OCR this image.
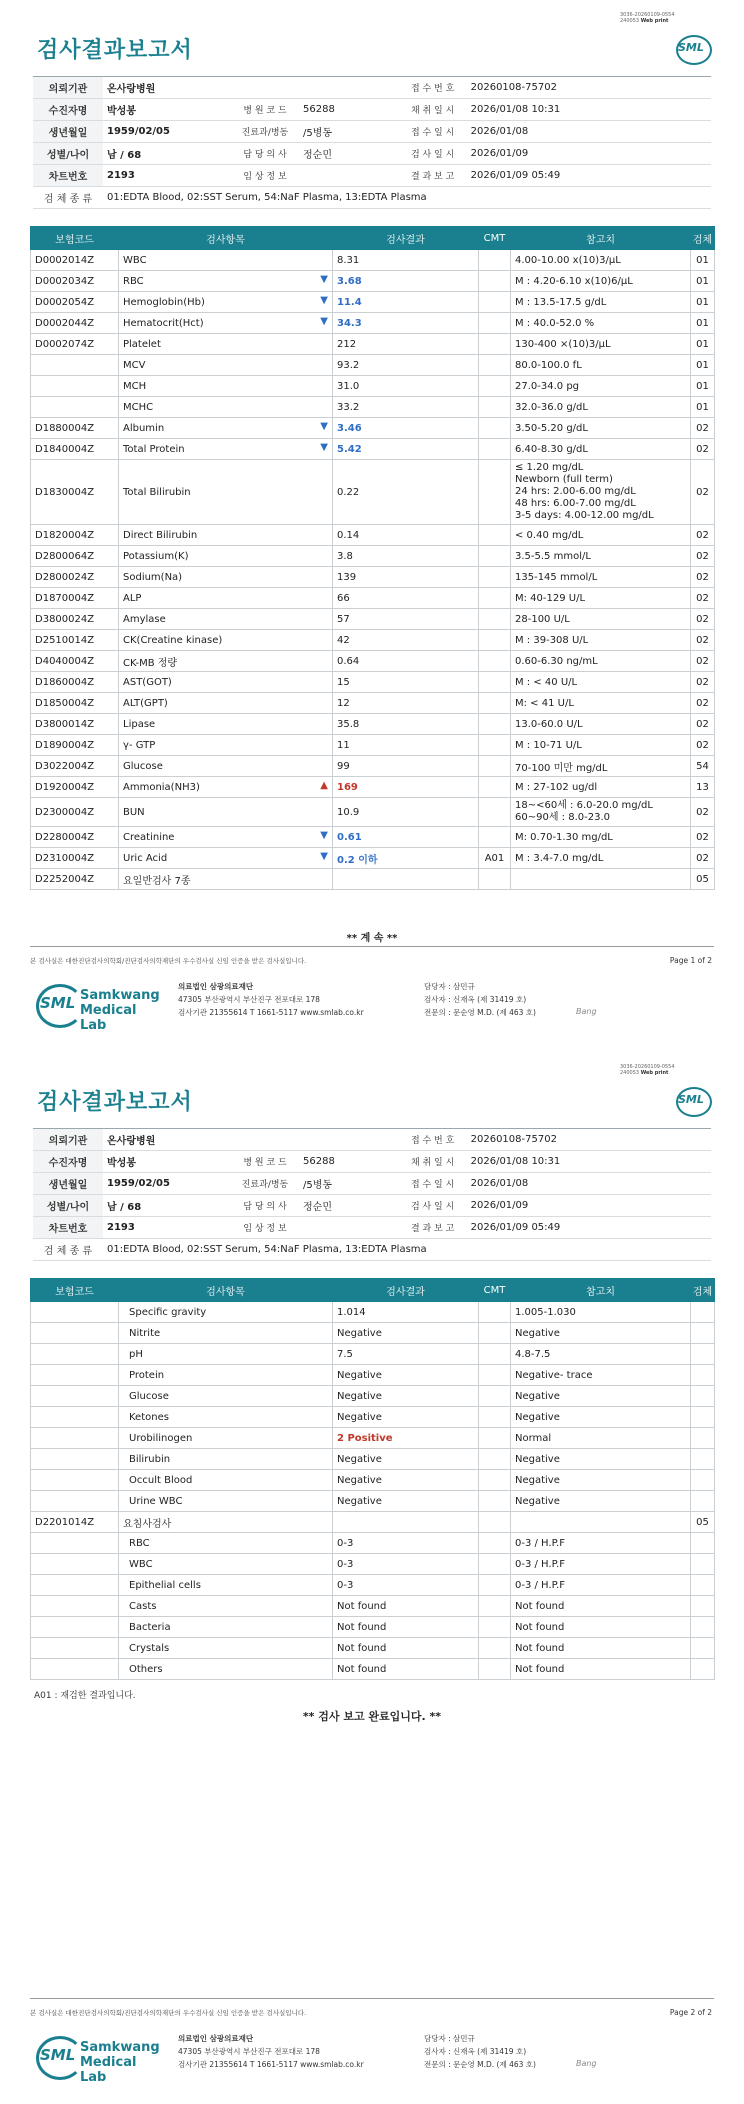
3036-20260109-0554
240053 Web print
검사결과보고서	SML
의뢰기관	온사랑병원			접 수 번 호	20260108-75702
수진자명	박성봉	병 원 코 드	56288	채 취 일 시	2026/01/08 10:31
생년월일	1959/02/05	진료과/병동	/5병동	접 수 일 시	2026/01/08
성별/나이	남 / 68	담 당 의 사	정순민	검 사 일 시	2026/01/09
차트번호	2193	임 상 정 보		결 과 보 고	2026/01/09 05:49
검 체 종 류	01:EDTA Blood, 02:SST Serum, 54:NaF Plasma, 13:EDTA Plasma				
보험코드	검사항목	검사결과	CMT	참고치	검체
D0002014Z	WBC	8.31		4.00-10.00 x(10)3/μL	01
D0002034Z	RBC ▼	3.68		M : 4.20-6.10 x(10)6/μL	01
D0002054Z	Hemoglobin(Hb) ▼	11.4		M : 13.5-17.5 g/dL	01
D0002044Z	Hematocrit(Hct) ▼	34.3		M : 40.0-52.0 %	01
D0002074Z	Platelet	212		130-400 ×(10)3/μL	01
	MCV	93.2		80.0-100.0 fL	01
	MCH	31.0		27.0-34.0 pg	01
	MCHC	33.2		32.0-36.0 g/dL	01
D1880004Z	Albumin ▼	3.46		3.50-5.20 g/dL	02
D1840004Z	Total Protein ▼	5.42		6.40-8.30 g/dL	02
D1830004Z	Total Bilirubin	0.22		≤ 1.20 mg/dL
Newborn (full term)
24 hrs: 2.00-6.00 mg/dL
48 hrs: 6.00-7.00 mg/dL
3-5 days: 4.00-12.00 mg/dL	02
D1820004Z	Direct Bilirubin	0.14		< 0.40 mg/dL	02
D2800064Z	Potassium(K)	3.8		3.5-5.5 mmol/L	02
D2800024Z	Sodium(Na)	139		135-145 mmol/L	02
D1870004Z	ALP	66		M: 40-129 U/L	02
D3800024Z	Amylase	57		28-100 U/L	02
D2510014Z	CK(Creatine kinase)	42		M : 39-308 U/L	02
D4040004Z	CK-MB 정량	0.64		0.60-6.30 ng/mL	02
D1860004Z	AST(GOT)	15		M : < 40 U/L	02
D1850004Z	ALT(GPT)	12		M: < 41 U/L	02
D3800014Z	Lipase	35.8		13.0-60.0 U/L	02
D1890004Z	γ- GTP	11		M : 10-71 U/L	02
D3022004Z	Glucose	99		70-100 미만 mg/dL	54
D1920004Z	Ammonia(NH3) ▲	169		M : 27-102 ug/dl	13
D2300004Z	BUN	10.9		18~<60세 : 6.0-20.0 mg/dL
60~90세 : 8.0-23.0	02
D2280004Z	Creatinine ▼	0.61		M: 0.70-1.30 mg/dL	02
D2310004Z	Uric Acid ▼	0.2 이하	A01	M : 3.4-7.0 mg/dL	02
D2252004Z	요일반검사 7종				05
** 계 속 **
본 검사실은 대한진단검사의학회/진단검사의학재단의 우수검사실 신임 인증을 받은 검사실입니다.	Page 1 of 2
SML Samkwang
Medical Lab
의료법인 삼광의료재단
47305 부산광역시 부산진구 전포대로 178
검사기관 21355614 T 1661-5117 www.smlab.co.kr
담당자 : 삼민규
검사자 : 신재옥 (제 31419 호)
전문의 : 문순영 M.D. (제 463 호)	Bang
3036-20260109-0554
240053 Web print
검사결과보고서	SML
의뢰기관	온사랑병원			접 수 번 호	20260108-75702
수진자명	박성봉	병 원 코 드	56288	채 취 일 시	2026/01/08 10:31
생년월일	1959/02/05	진료과/병동	/5병동	접 수 일 시	2026/01/08
성별/나이	남 / 68	담 당 의 사	정순민	검 사 일 시	2026/01/09
차트번호	2193	임 상 정 보		결 과 보 고	2026/01/09 05:49
검 체 종 류	01:EDTA Blood, 02:SST Serum, 54:NaF Plasma, 13:EDTA Plasma				
보험코드	검사항목	검사결과	CMT	참고치	검체
	Specific gravity	1.014		1.005-1.030	
	Nitrite	Negative		Negative	
	pH	7.5		4.8-7.5	
	Protein	Negative		Negative- trace	
	Glucose	Negative		Negative	
	Ketones	Negative		Negative	
	Urobilinogen	2 Positive		Normal	
	Bilirubin	Negative		Negative	
	Occult Blood	Negative		Negative	
	Urine WBC	Negative		Negative	
D2201014Z	요침사검사				05
	RBC	0-3		0-3 / H.P.F	
	WBC	0-3		0-3 / H.P.F	
	Epithelial cells	0-3		0-3 / H.P.F	
	Casts	Not found		Not found	
	Bacteria	Not found		Not found	
	Crystals	Not found		Not found	
	Others	Not found		Not found	
A01 : 재검한 결과입니다.
** 검사 보고 완료입니다. **
본 검사실은 대한진단검사의학회/진단검사의학재단의 우수검사실 신임 인증을 받은 검사실입니다.	Page 2 of 2
SML Samkwang
Medical Lab
의료법인 삼광의료재단
47305 부산광역시 부산진구 전포대로 178
검사기관 21355614 T 1661-5117 www.smlab.co.kr
담당자 : 삼민규
검사자 : 신재옥 (제 31419 호)
전문의 : 문순영 M.D. (제 463 호)	Bang
